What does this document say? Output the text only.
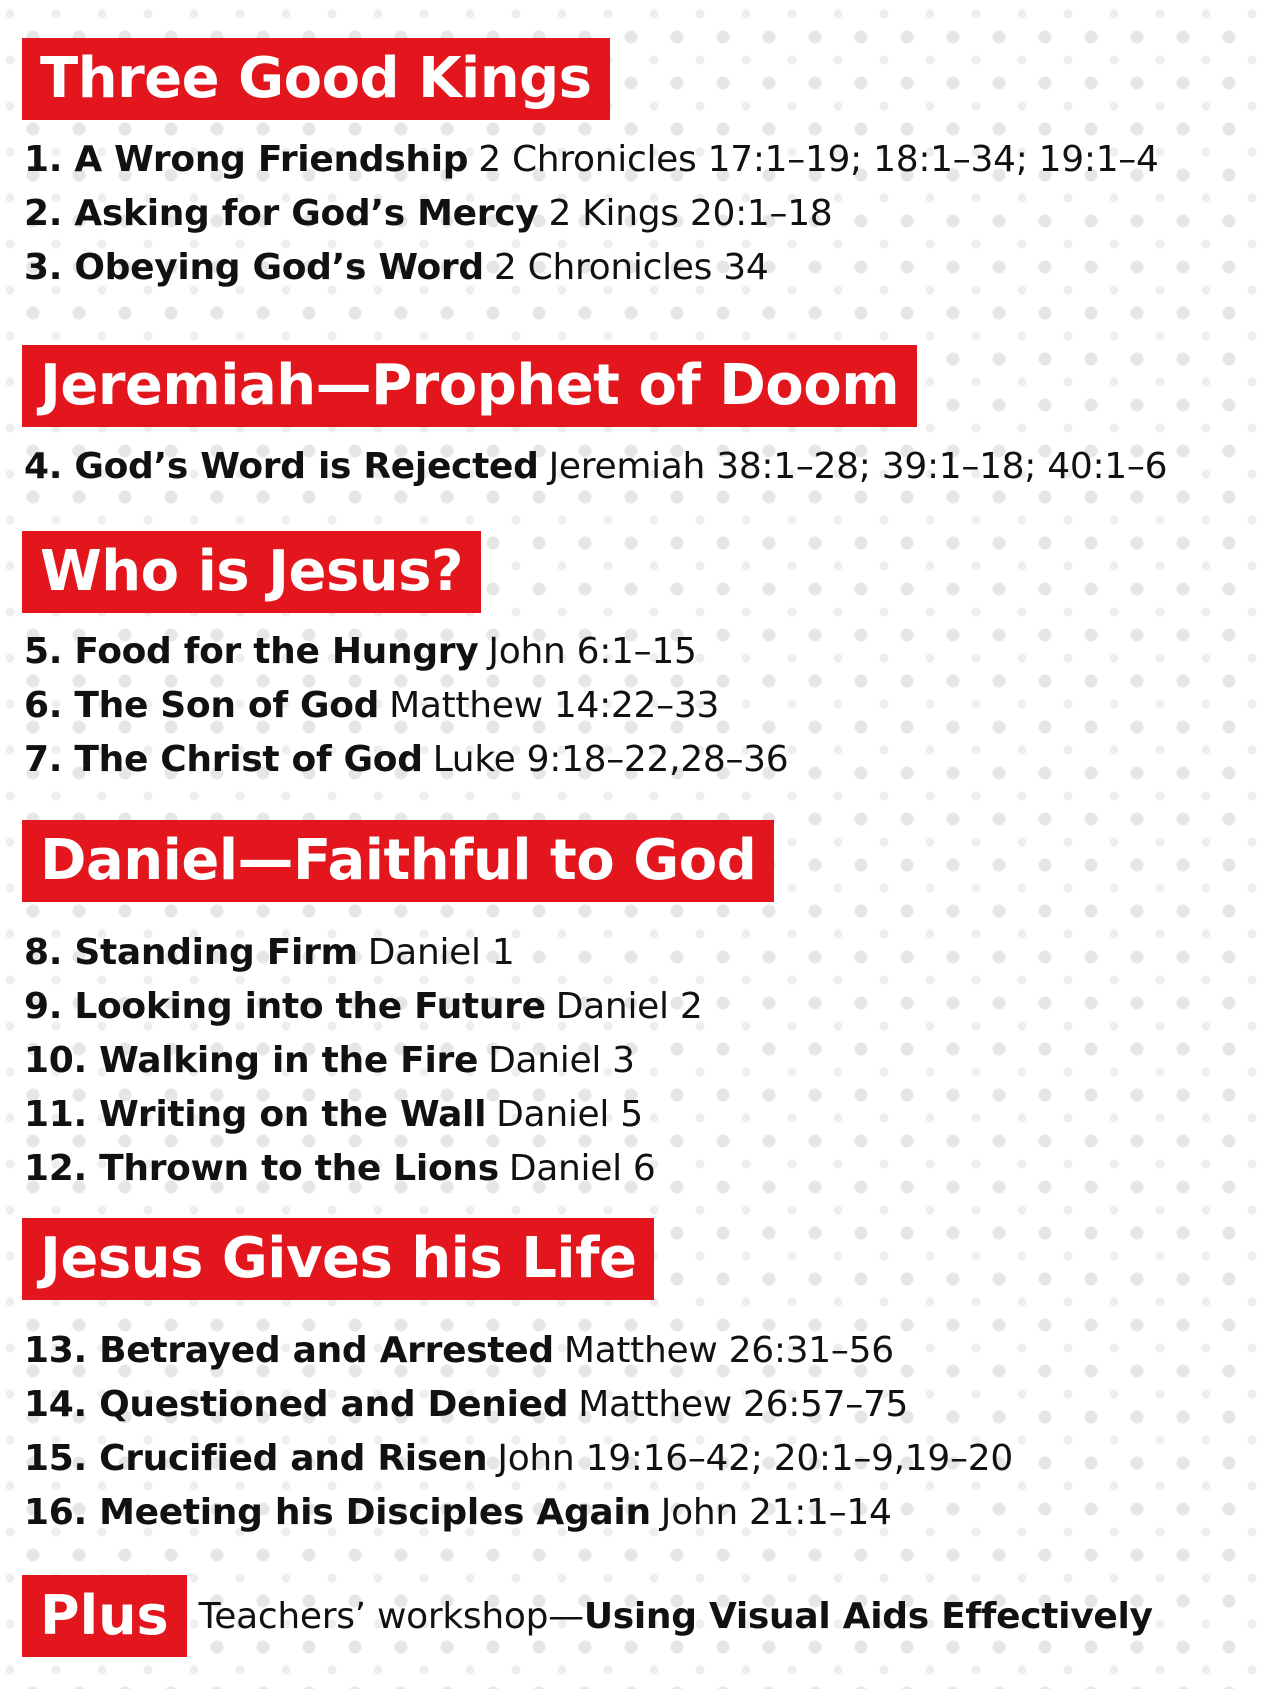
Three Good Kings
1. A Wrong Friendship 2 Chronicles 17:1–19; 18:1–34; 19:1–4
2. Asking for God’s Mercy 2 Kings 20:1–18
3. Obeying God’s Word 2 Chronicles 34
Jeremiah—Prophet of Doom
4. God’s Word is Rejected Jeremiah 38:1–28; 39:1–18; 40:1–6
Who is Jesus?
5. Food for the Hungry John 6:1–15
6. The Son of God Matthew 14:22–33
7. The Christ of God Luke 9:18–22,28–36
Daniel—Faithful to God
8. Standing Firm Daniel 1
9. Looking into the Future Daniel 2
10. Walking in the Fire Daniel 3
11. Writing on the Wall Daniel 5
12. Thrown to the Lions Daniel 6
Jesus Gives his Life
13. Betrayed and Arrested Matthew 26:31–56
14. Questioned and Denied Matthew 26:57–75
15. Crucified and Risen John 19:16–42; 20:1–9,19–20
16. Meeting his Disciples Again John 21:1–14
Plus Teachers’ workshop—Using Visual Aids Effectively
